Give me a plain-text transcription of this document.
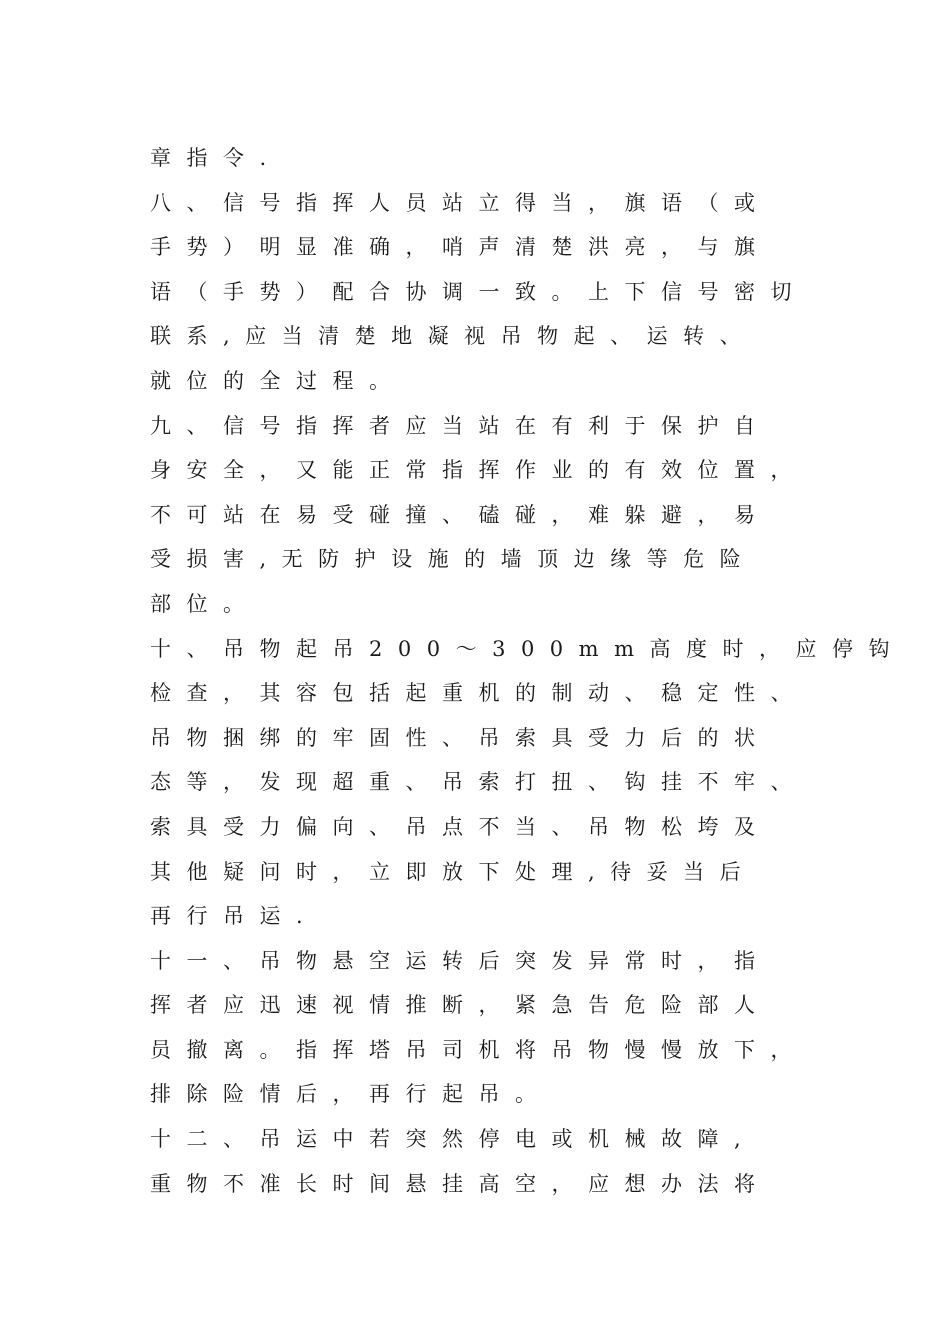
章指令.
八、信号指挥人员站立得当，旗语（或
手势）明显准确，哨声清楚洪亮，与旗
语（手势）配合协调一致。上下信号密切
联系,应当清楚地凝视吊物起、运转、
就位的全过程。
九、信号指挥者应当站在有利于保护自
身安全，又能正常指挥作业的有效位置，
不可站在易受碰撞、磕碰，难躲避，易
受损害,无防护设施的墙顶边缘等危险
部位。
十、吊物起吊200～300mm高度时，应停钩
检查，其容包括起重机的制动、稳定性、
吊物捆绑的牢固性、吊索具受力后的状
态等，发现超重、吊索打扭、钩挂不牢、
索具受力偏向、吊点不当、吊物松垮及
其他疑问时，立即放下处理,待妥当后
再行吊运.
十一、吊物悬空运转后突发异常时，指
挥者应迅速视情推断，紧急告危险部人
员撤离。指挥塔吊司机将吊物慢慢放下，
排除险情后，再行起吊。
十二、吊运中若突然停电或机械故障,
重物不准长时间悬挂高空，应想办法将
